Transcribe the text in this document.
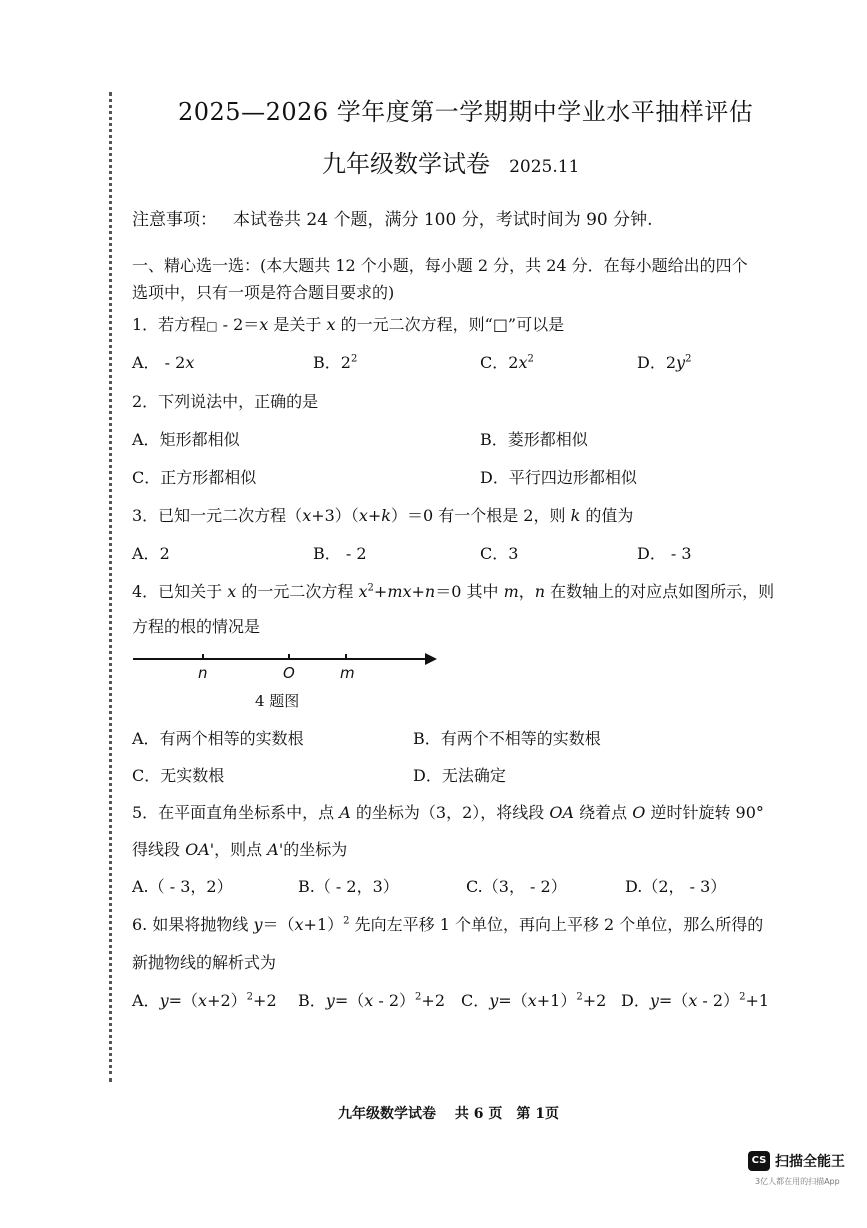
2025—2026 学年度第一学期期中学业水平抽样评估
九年级数学试卷 2025.11
注意事项： 本试卷共 24 个题，满分 100 分，考试时间为 90 分钟.
一、精心选一选：(本大题共 12 个小题，每小题 2 分，共 24 分．在每小题给出的四个
选项中，只有一项是符合题目要求的)
1．若方程□ - 2＝x 是关于 x 的一元二次方程，则“□”可以是
A． - 2x	B．$2^2$	C．$2x^2$	D．$2y^2$
2．下列说法中，正确的是
A．矩形都相似	B．菱形都相似
C．正方形都相似	D．平行四边形都相似
3．已知一元二次方程（x+3）（x+k）＝0 有一个根是 2，则 k 的值为
A．2	B． - 2	C．3	D． - 3
4．已知关于 x 的一元二次方程 $x^2+mx+n=0$ 其中 m，n 在数轴上的对应点如图所示，则
方程的根的情况是
n	O	m
4 题图
A．有两个相等的实数根	B．有两个不相等的实数根
C．无实数根	D．无法确定
5．在平面直角坐标系中，点 A 的坐标为（3，2），将线段 OA 绕着点 O 逆时针旋转 90°
得线段 OA'，则点 A'的坐标为
A.（ - 3，2）	B.（ - 2，3）	C.（3， - 2）	D.（2， - 3）
6. 如果将抛物线 $y=(x+1)^2$ 先向左平移 1 个单位，再向上平移 2 个单位，那么所得的
新抛物线的解析式为
A．$y=(x+2)^2+2$ B．y=（x - 2）$^2$+2 C．$y=(x+1)^2+2$ D．y=（x - 2）$^2$+1
九年级数学试卷　 共 6 页　第 1页
CS 扫描全能王
3亿人都在用的扫描App
